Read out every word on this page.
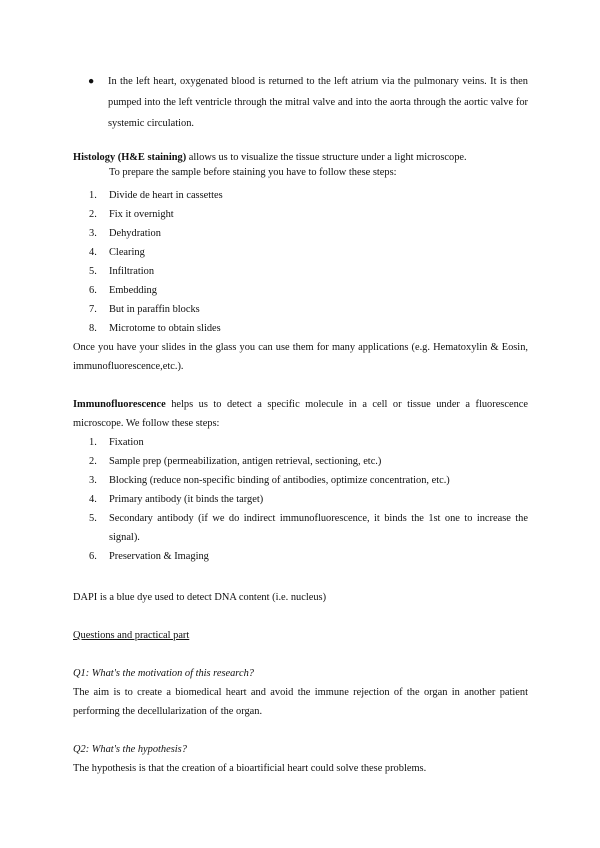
● In the left heart, oxygenated blood is returned to the left atrium via the pulmonary veins. It is then pumped into the left ventricle through the mitral valve and into the aorta through the aortic valve for systemic circulation.
Histology (H&E staining) allows us to visualize the tissue structure under a light microscope.
To prepare the sample before staining you have to follow these steps:
1. Divide de heart in cassettes
2. Fix it overnight
3. Dehydration
4. Clearing
5. Infiltration
6. Embedding
7. But in paraffin blocks
8. Microtome to obtain slides
Once you have your slides in the glass you can use them for many applications (e.g. Hematoxylin & Eosin, immunofluorescence,etc.).
Immunofluorescence helps us to detect a specific molecule in a cell or tissue under a fluorescence microscope. We follow these steps:
1. Fixation
2. Sample prep (permeabilization, antigen retrieval, sectioning, etc.)
3. Blocking (reduce non-specific binding of antibodies, optimize concentration, etc.)
4. Primary antibody (it binds the target)
5. Secondary antibody (if we do indirect immunofluorescence, it binds the 1st one to increase the signal).
6. Preservation & Imaging
DAPI is a blue dye used to detect DNA content (i.e. nucleus)
Questions and practical part
Q1: What's the motivation of this research?
The aim is to create a biomedical heart and avoid the immune rejection of the organ in another patient performing the decellularization of the organ.
Q2: What's the hypothesis?
The hypothesis is that the creation of a bioartificial heart could solve these problems.
